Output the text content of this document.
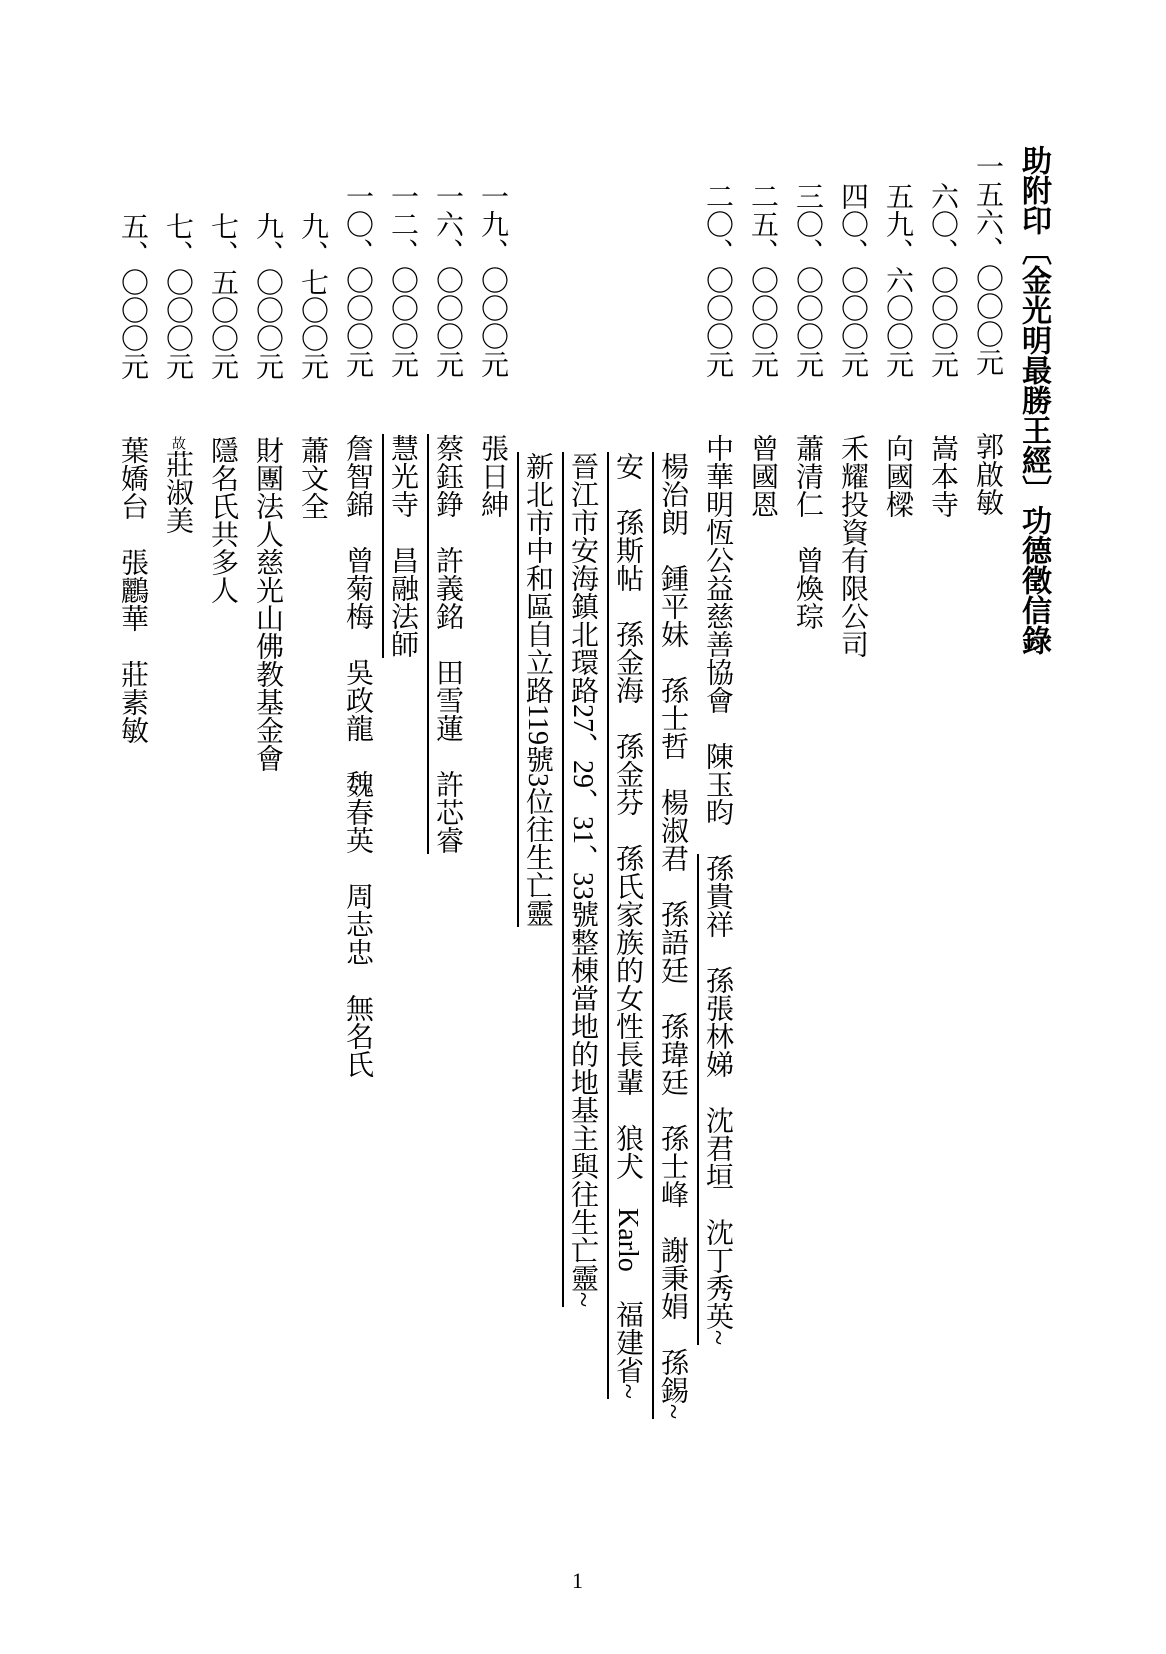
助附印〔金光明最勝王經〕功德徵信錄
一五六、〇〇〇元郭啟敏
六〇、〇〇〇元嵩本寺
五九、六〇〇元向國樑
四〇、〇〇〇元禾耀投資有限公司
三〇、〇〇〇元蕭清仁　曾煥琮
二五、〇〇〇元曾國恩
二〇、〇〇〇元中華明恆公益慈善協會　陳玉昀　孫貴祥　孫張林娣　沈君垣　沈丁秀英~
楊治朗　鍾平妹　孫士哲　楊淑君　孫語廷　孫瑋廷　孫士峰　謝秉娟　孫錫~
安　孫斯帖　孫金海　孫金芬　孫氏家族的女性長輩　狼犬　Karlo　福建省~
晉江市安海鎮北環路27、29、31、33號整棟當地的地基主與往生亡靈~
新北市中和區自立路119號3位往生亡靈
一九、〇〇〇元張日紳
一六、〇〇〇元蔡鈺錚　許義銘　田雪蓮　許芯睿
一二、〇〇〇元慧光寺　昌融法師
一〇、〇〇〇元詹智錦　曾菊梅　吳政龍　魏春英　周志忠　無名氏
九、七〇〇元蕭文全
九、〇〇〇元財團法人慈光山佛教基金會
七、五〇〇元隱名氏共多人
七、〇〇〇元故莊淑美
五、〇〇〇元葉嬌台　張鸝華　莊素敏
1
